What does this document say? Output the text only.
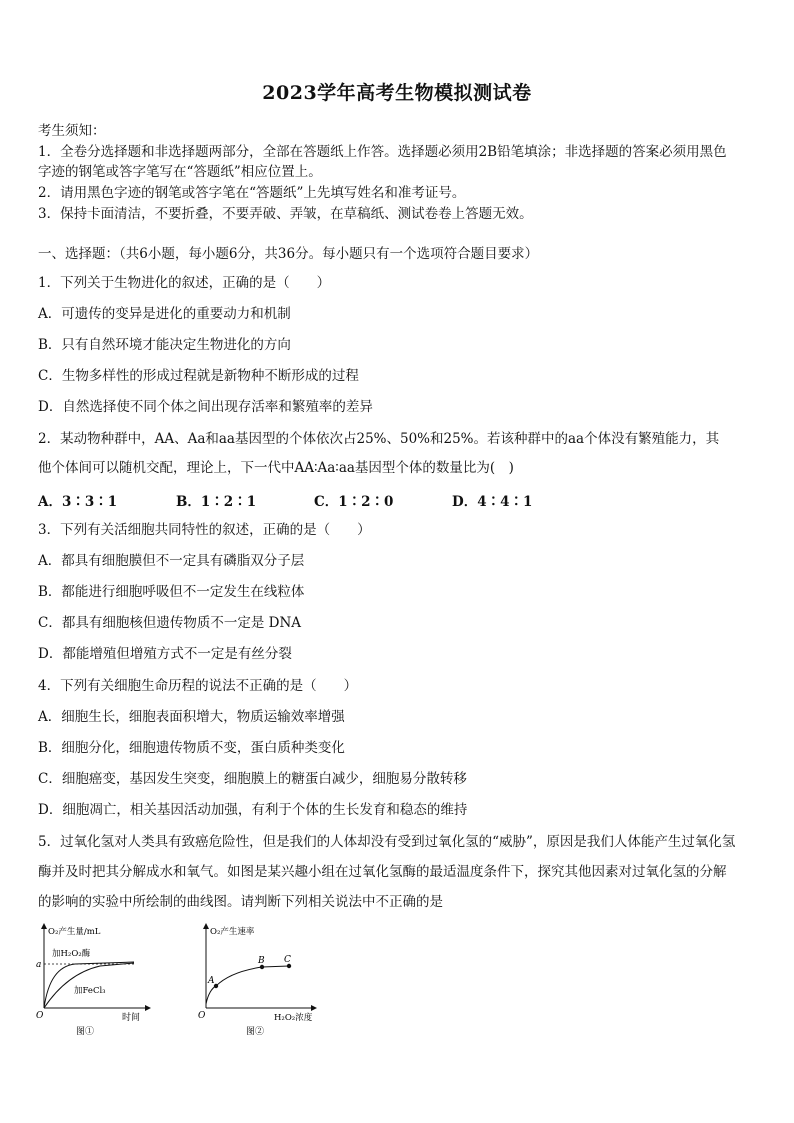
2023学年高考生物模拟测试卷
考生须知：
1．全卷分选择题和非选择题两部分，全部在答题纸上作答。选择题必须用2B铅笔填涂；非选择题的答案必须用黑色
字迹的钢笔或答字笔写在“答题纸”相应位置上。
2．请用黑色字迹的钢笔或答字笔在“答题纸”上先填写姓名和准考证号。
3．保持卡面清洁，不要折叠，不要弄破、弄皱，在草稿纸、测试卷卷上答题无效。
一、选择题：（共6小题，每小题6分，共36分。每小题只有一个选项符合题目要求）
1．下列关于生物进化的叙述，正确的是（　　）
A．可遗传的变异是进化的重要动力和机制
B．只有自然环境才能决定生物进化的方向
C．生物多样性的形成过程就是新物种不断形成的过程
D．自然选择使不同个体之间出现存活率和繁殖率的差异
2．某动物种群中，AA、Aa和aa基因型的个体依次占25%、50%和25%。若该种群中的aa个体没有繁殖能力，其
他个体间可以随机交配，理论上，下一代中AA∶Aa∶aa基因型个体的数量比为(　)
A．3∶3∶1	B．1∶2∶1	C．1∶2∶0	D．4∶4∶1
3．下列有关活细胞共同特性的叙述，正确的是（　　）
A．都具有细胞膜但不一定具有磷脂双分子层
B．都能进行细胞呼吸但不一定发生在线粒体
C．都具有细胞核但遗传物质不一定是 DNA
D．都能增殖但增殖方式不一定是有丝分裂
4．下列有关细胞生命历程的说法不正确的是（　　）
A．细胞生长，细胞表面积增大，物质运输效率增强
B．细胞分化，细胞遗传物质不变，蛋白质种类变化
C．细胞癌变，基因发生突变，细胞膜上的糖蛋白减少，细胞易分散转移
D．细胞凋亡，相关基因活动加强，有利于个体的生长发育和稳态的维持
5．过氧化氢对人类具有致癌危险性，但是我们的人体却没有受到过氧化氢的“威胁”，原因是我们人体能产生过氧化氢
酶并及时把其分解成水和氧气。如图是某兴趣小组在过氧化氢酶的最适温度条件下，探究其他因素对过氧化氢的分解
的影响的实验中所绘制的曲线图。请判断下列相关说法中不正确的是
O₂产生量/mL
加H₂O₂酶
加FeCl₃
a
O	时间
图①
O₂产生速率
A
B C
O	H₂O₂浓度
图②
